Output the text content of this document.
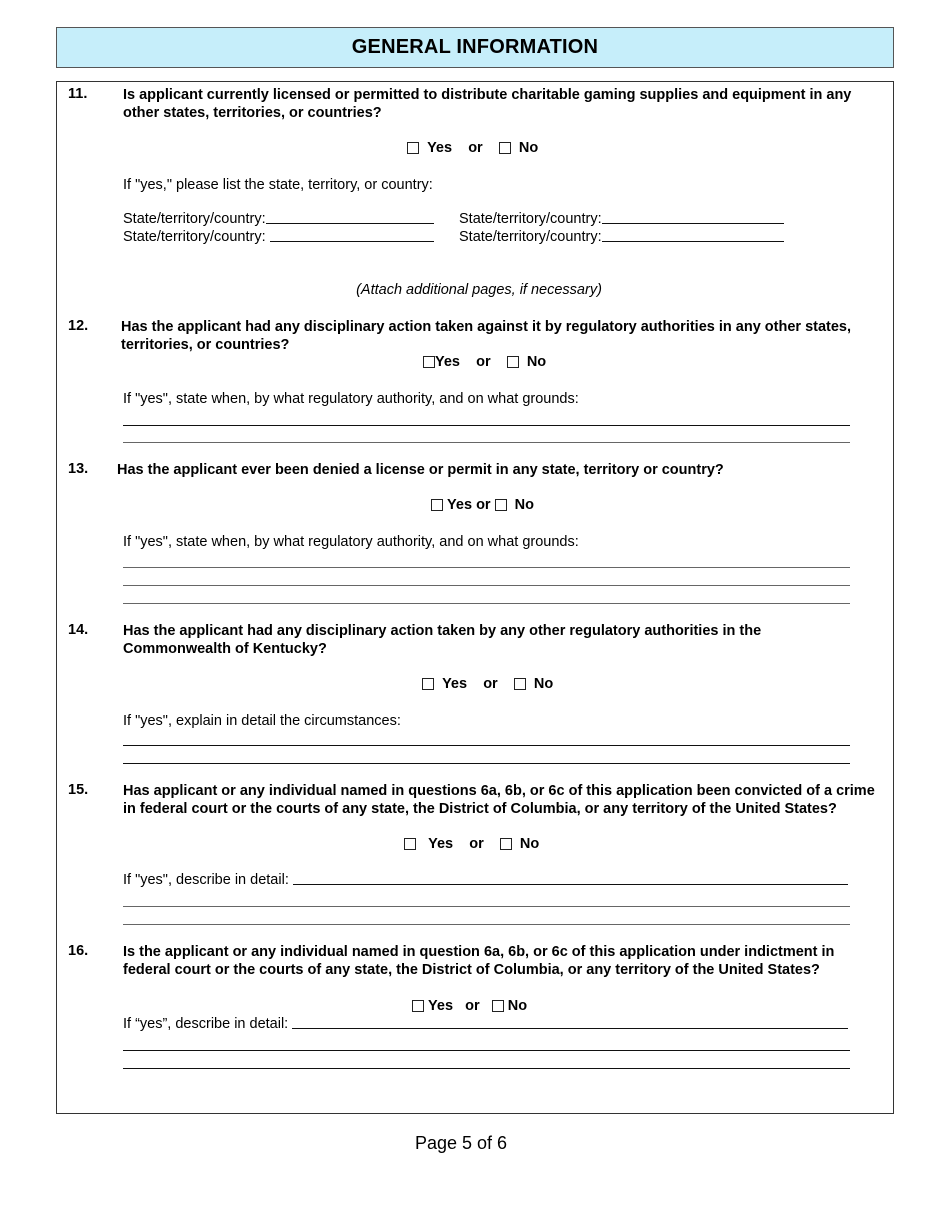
GENERAL INFORMATION
11. Is applicant currently licensed or permitted to distribute charitable gaming supplies and equipment in any other states, territories, or countries?

Yes
or

No
If "yes," please list the state, territory, or country:
State/territory/country:	State/territory/country:
State/territory/country:	State/territory/country:
(Attach additional pages, if necessary)
12. Has the applicant had any disciplinary action taken against it by regulatory authorities in any other states, territories, or countries?
Yes
or

No
If "yes", state when, by what regulatory authority, and on what grounds:
13. Has the applicant ever been denied a license or permit in any state, territory or country?

Yes
or

No
If "yes", state when, by what regulatory authority, and on what grounds:
14. Has the applicant had any disciplinary action taken by any other regulatory authorities in the Commonwealth of Kentucky?

Yes
or

No
If "yes", explain in detail the circumstances:
15. Has applicant or any individual named in questions 6a, 6b, or 6c of this application been convicted of a crime in federal court or the courts of any state, the District of Columbia, or any territory of the United States?

Yes
or

No
If "yes", describe in detail:
16. Is the applicant or any individual named in question 6a, 6b, or 6c of this application under indictment in federal court or the courts of any state, the District of Columbia, or any territory of the United States?

Yes
or

No
If “yes”, describe in detail:
Page 5 of 6
